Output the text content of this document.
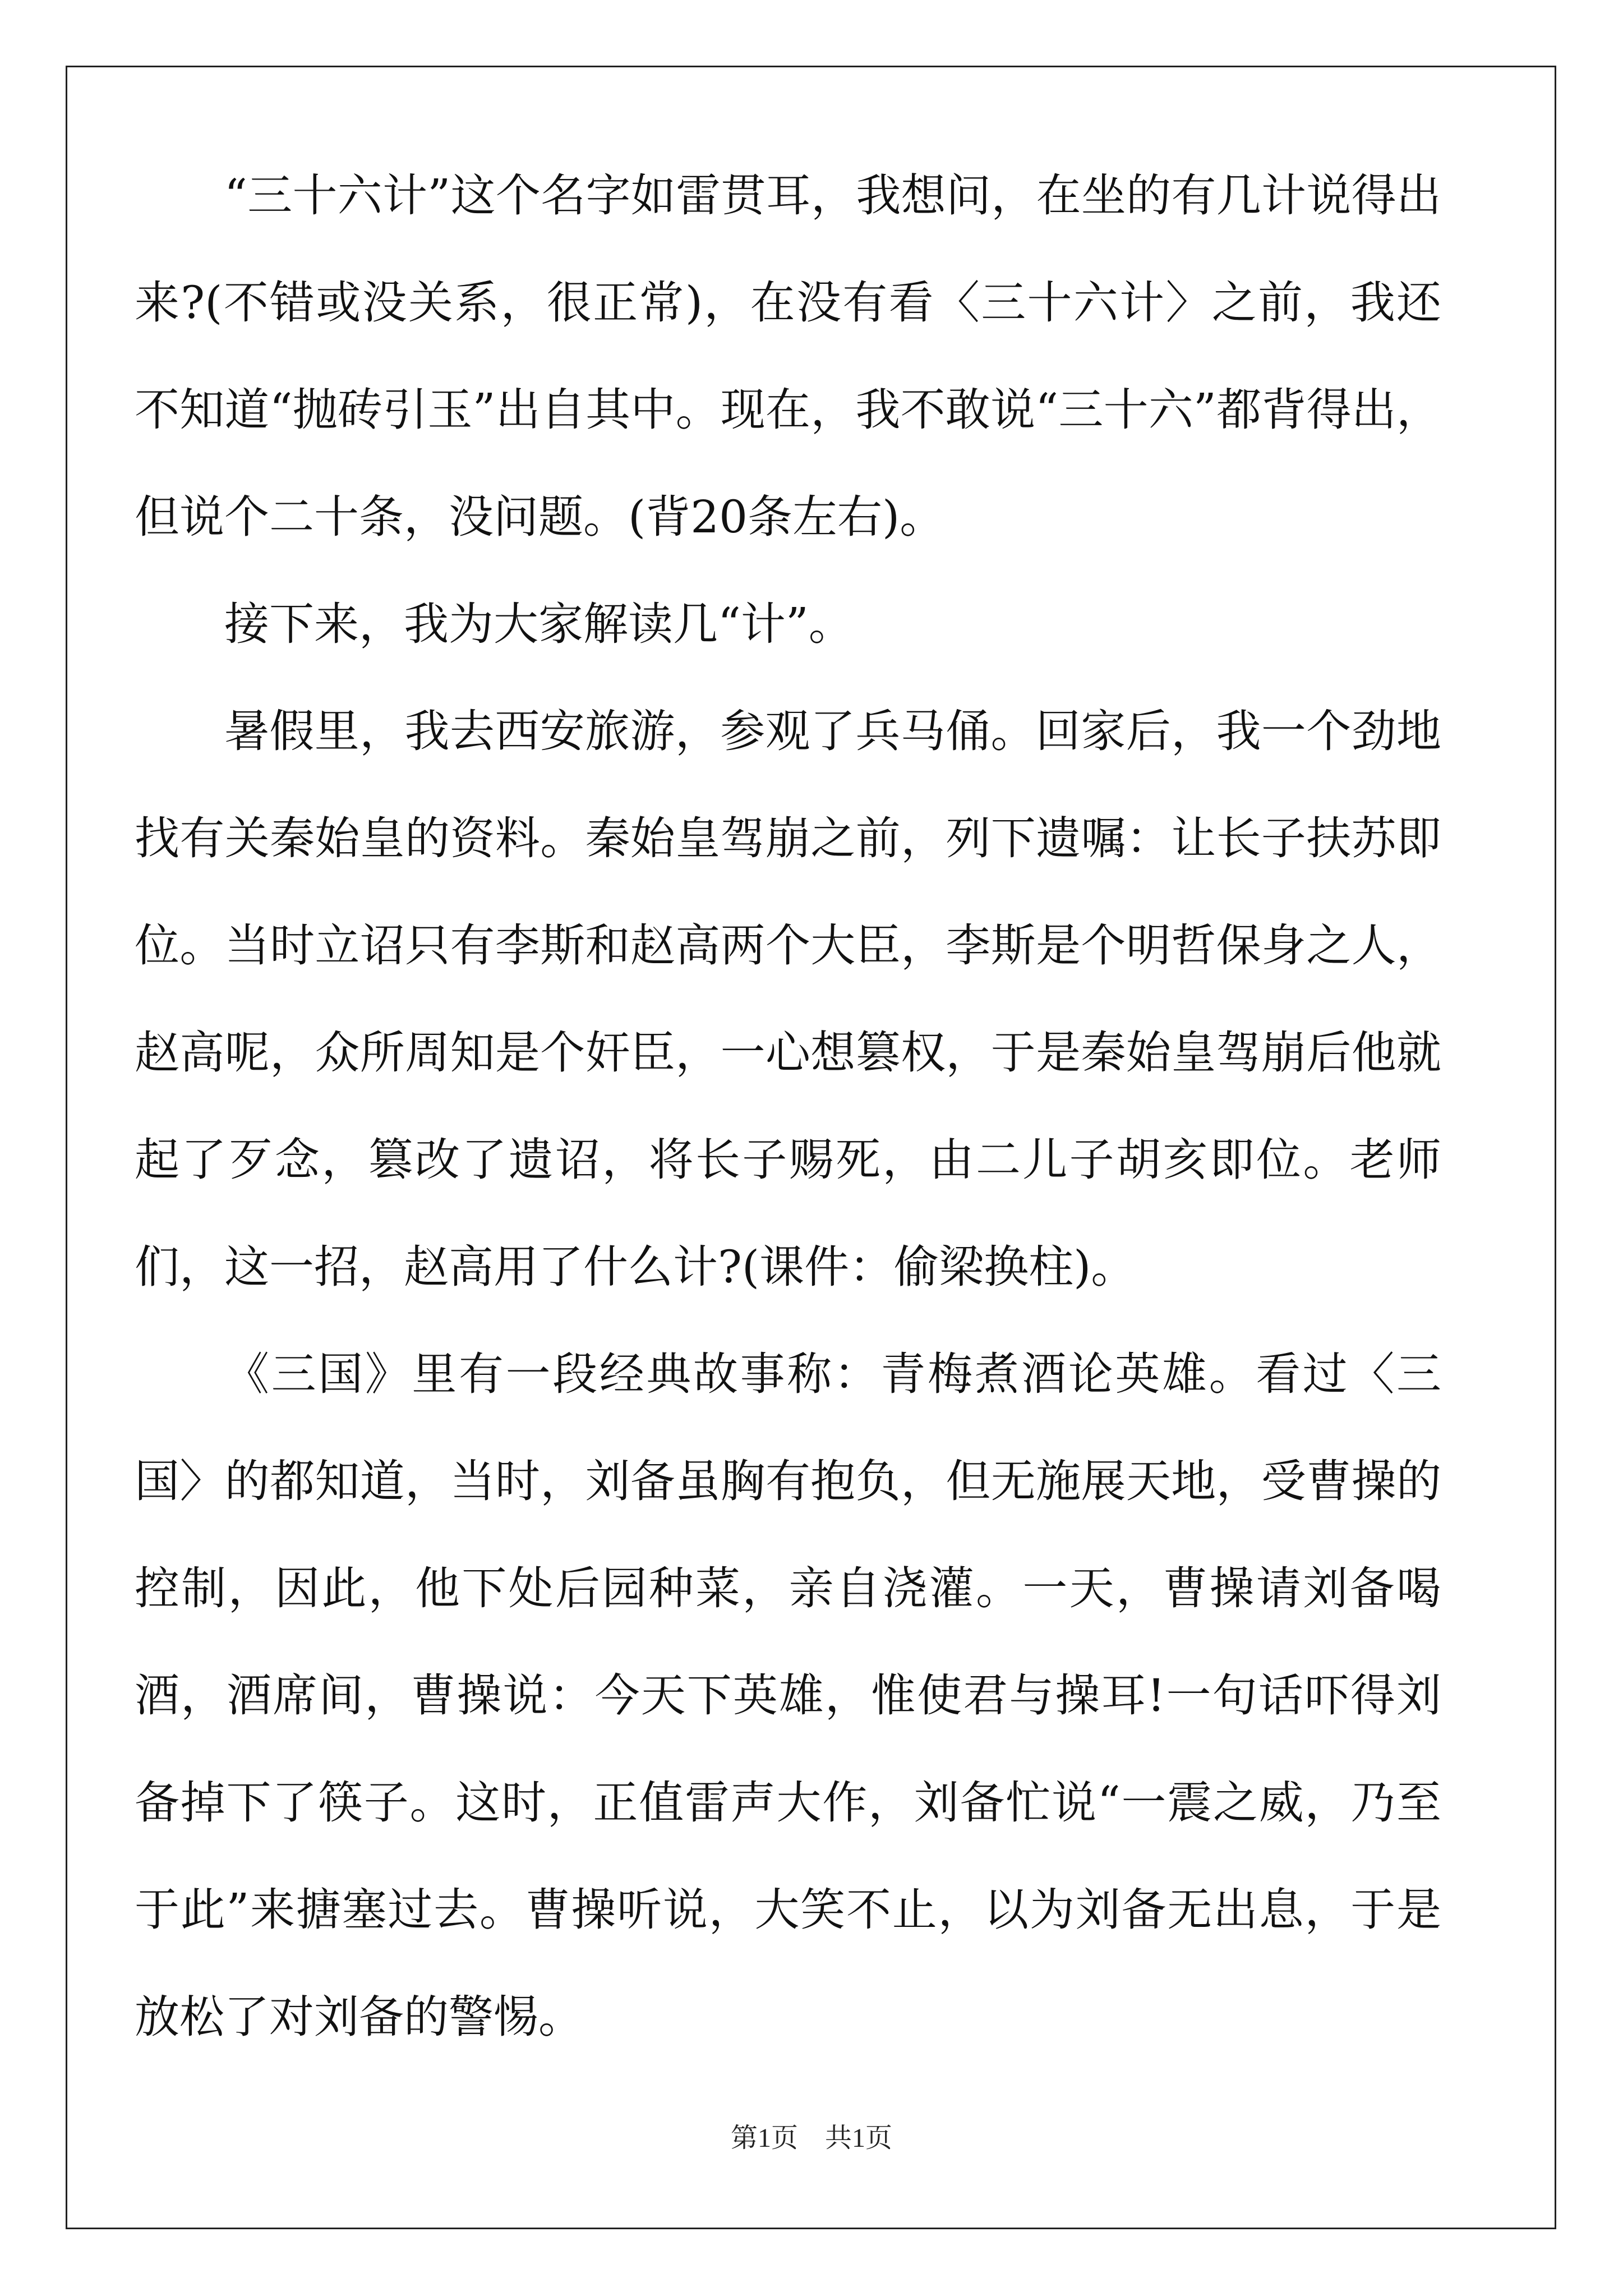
“三十六计”这个名字如雷贯耳，我想问，在坐的有几计说得出来?(不错或没关系，很正常)，在没有看〈三十六计〉之前，我还不知道“抛砖引玉”出自其中。现在，我不敢说“三十六”都背得出，但说个二十条，没问题。(背20条左右)。

接下来，我为大家解读几“计”。

暑假里，我去西安旅游，参观了兵马俑。回家后，我一个劲地找有关秦始皇的资料。秦始皇驾崩之前，列下遗嘱：让长子扶苏即位。当时立诏只有李斯和赵高两个大臣，李斯是个明哲保身之人，赵高呢，众所周知是个奸臣，一心想篡权，于是秦始皇驾崩后他就起了歹念，篡改了遗诏，将长子赐死，由二儿子胡亥即位。老师们，这一招，赵高用了什么计?(课件：偷梁换柱)。

《三国》里有一段经典故事称：青梅煮酒论英雄。看过〈三国〉的都知道，当时，刘备虽胸有抱负，但无施展天地，受曹操的控制，因此，他下处后园种菜，亲自浇灌。一天，曹操请刘备喝酒，酒席间，曹操说：今天下英雄，惟使君与操耳!一句话吓得刘备掉下了筷子。这时，正值雷声大作，刘备忙说“一震之威，乃至于此”来搪塞过去。曹操听说，大笑不止，以为刘备无出息，于是放松了对刘备的警惕。

第1页 共1页
